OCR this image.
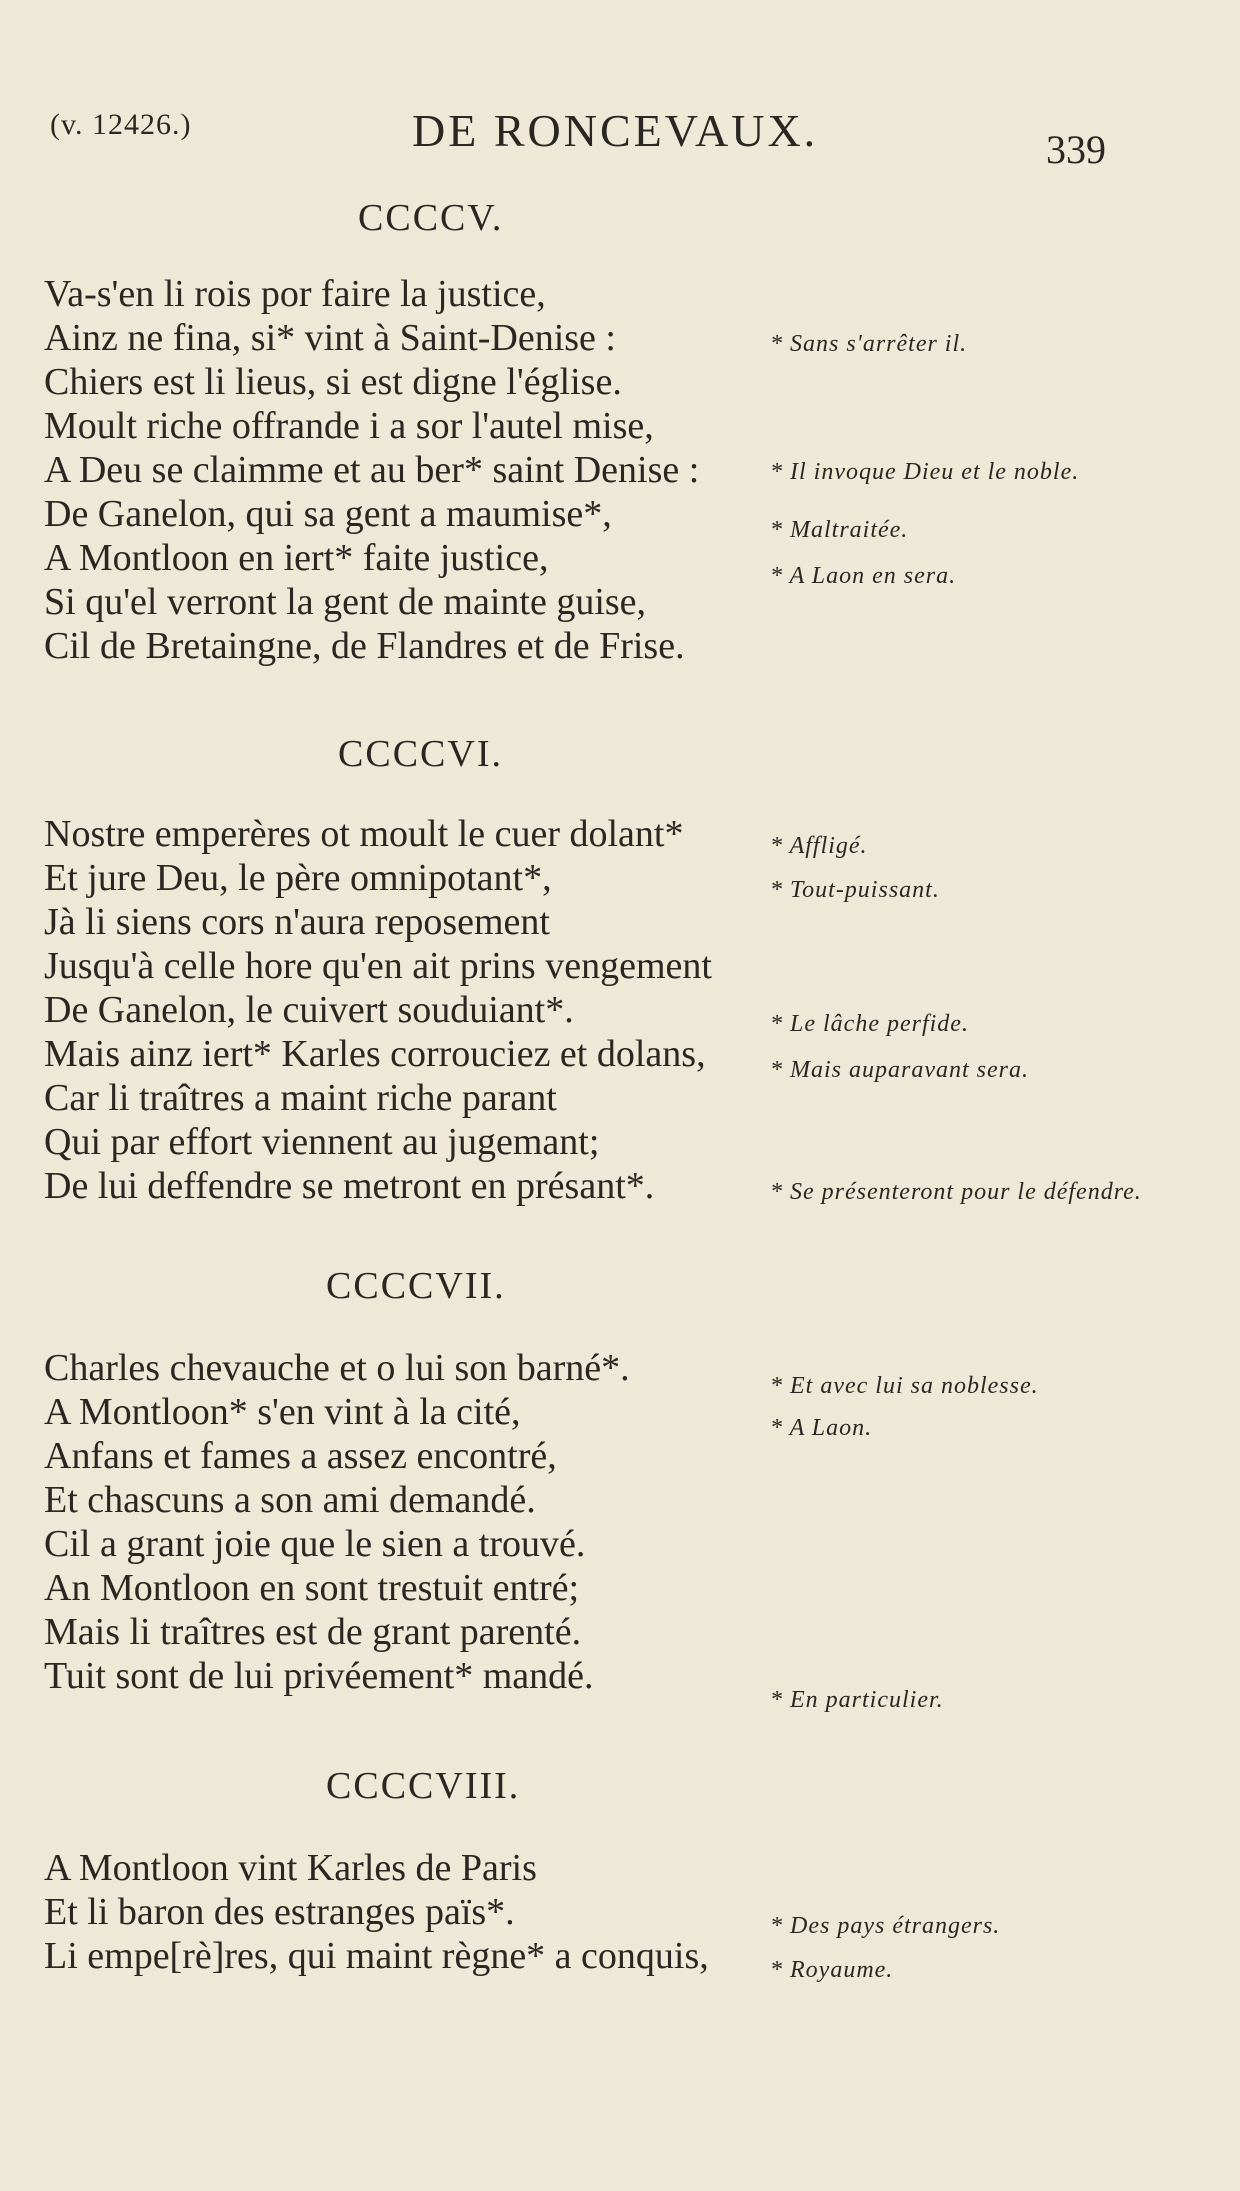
(v. 12426.)	DE RONCEVAUX.	339
CCCCV.
Va-s'en li rois por faire la justice,
Ainz ne fina, si* vint à Saint-Denise :
Chiers est li lieus, si est digne l'église.
Moult riche offrande i a sor l'autel mise,
A Deu se claimme et au ber* saint Denise :
De Ganelon, qui sa gent a maumise*,
A Montloon en iert* faite justice,
Si qu'el verront la gent de mainte guise,
Cil de Bretaingne, de Flandres et de Frise.
* Sans s'arrêter il.
* Il invoque Dieu et le noble.
* Maltraitée.
* A Laon en sera.
CCCCVI.
Nostre emperères ot moult le cuer dolant*
Et jure Deu, le père omnipotant*,
Jà li siens cors n'aura reposement
Jusqu'à celle hore qu'en ait prins vengement
De Ganelon, le cuivert souduiant*.
Mais ainz iert* Karles corrouciez et dolans,
Car li traîtres a maint riche parant
Qui par effort viennent au jugemant;
De lui deffendre se metront en présant*.
* Affligé.
* Tout-puissant.
* Le lâche perfide.
* Mais auparavant sera.
* Se présenteront pour le défendre.
CCCCVII.
Charles chevauche et o lui son barné*.
A Montloon* s'en vint à la cité,
Anfans et fames a assez encontré,
Et chascuns a son ami demandé.
Cil a grant joie que le sien a trouvé.
An Montloon en sont trestuit entré;
Mais li traîtres est de grant parenté.
Tuit sont de lui privéement* mandé.
* Et avec lui sa noblesse.
* A Laon.
* En particulier.
CCCCVIII.
A Montloon vint Karles de Paris
Et li baron des estranges païs*.
Li empe[rè]res, qui maint règne* a conquis,
* Des pays étrangers.
* Royaume.
